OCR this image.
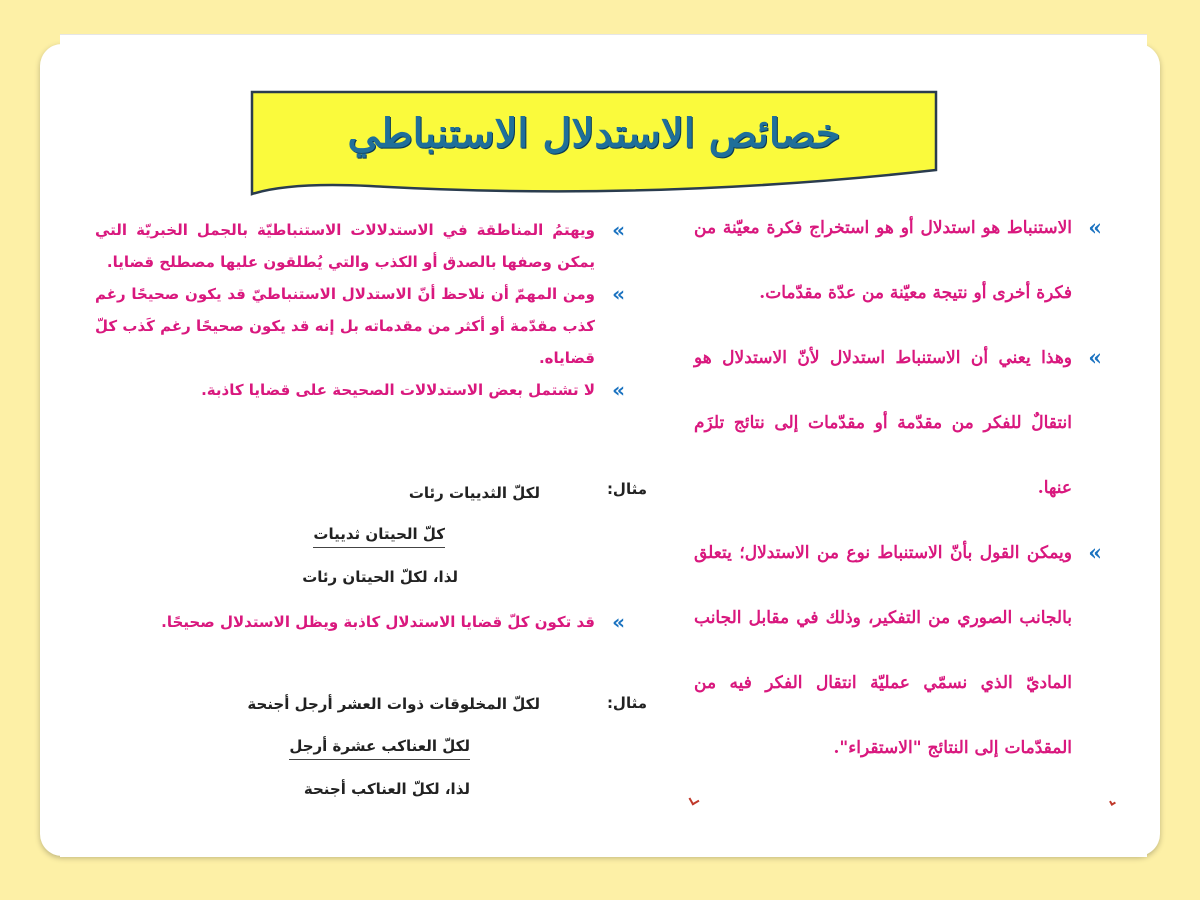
خصائص الاستدلال الاستنباطي

»
الاستنباط هو استدلال أو هو استخراج فكرة معيّنة من فكرة أخرى أو نتيجة معيّنة من عدّة مقدّمات.

»
وهذا يعني أن الاستنباط استدلال لأنّ الاستدلال هو انتقالٌ للفكر من مقدّمة أو مقدّمات إلى نتائج تلزَم عنها.

»
ويمكن القول بأنّ الاستنباط نوع من الاستدلال؛ يتعلق بالجانب الصوري من التفكير، وذلك في مقابل الجانب الماديّ الذي نسمّي عمليّة انتقال الفكر فيه من المقدّمات إلى النتائج "الاستقراء".

»
ويهتمُ المناطقة في الاستدلالات الاستنباطيّة بالجمل الخبريّة التي يمكن وصفها بالصدق أو الكذب والتي يُطلقون عليها مصطلح قضايا.

»
ومن المهمّ أن نلاحظ أنّ الاستدلال الاستنباطيّ قد يكون صحيحًا رغم كذب مقدّمة أو أكثر من مقدماته بل إنه قد يكون صحيحًا رغم كَذب كلّ قضاياه.

»
لا تشتمل بعض الاستدلالات الصحيحة على قضايا كاذبة.

مثال:
لكلّ الثدييات رئات
كلّ الحيتان ثدييات
لذا، لكلّ الحيتان رئات

»
قد تكون كلّ قضايا الاستدلال كاذبة ويظل الاستدلال صحيحًا.

مثال:
لكلّ المخلوقات ذوات العشر أرجل أجنحة
لكلّ العناكب عشرة أرجل
لذا، لكلّ العناكب أجنحة
